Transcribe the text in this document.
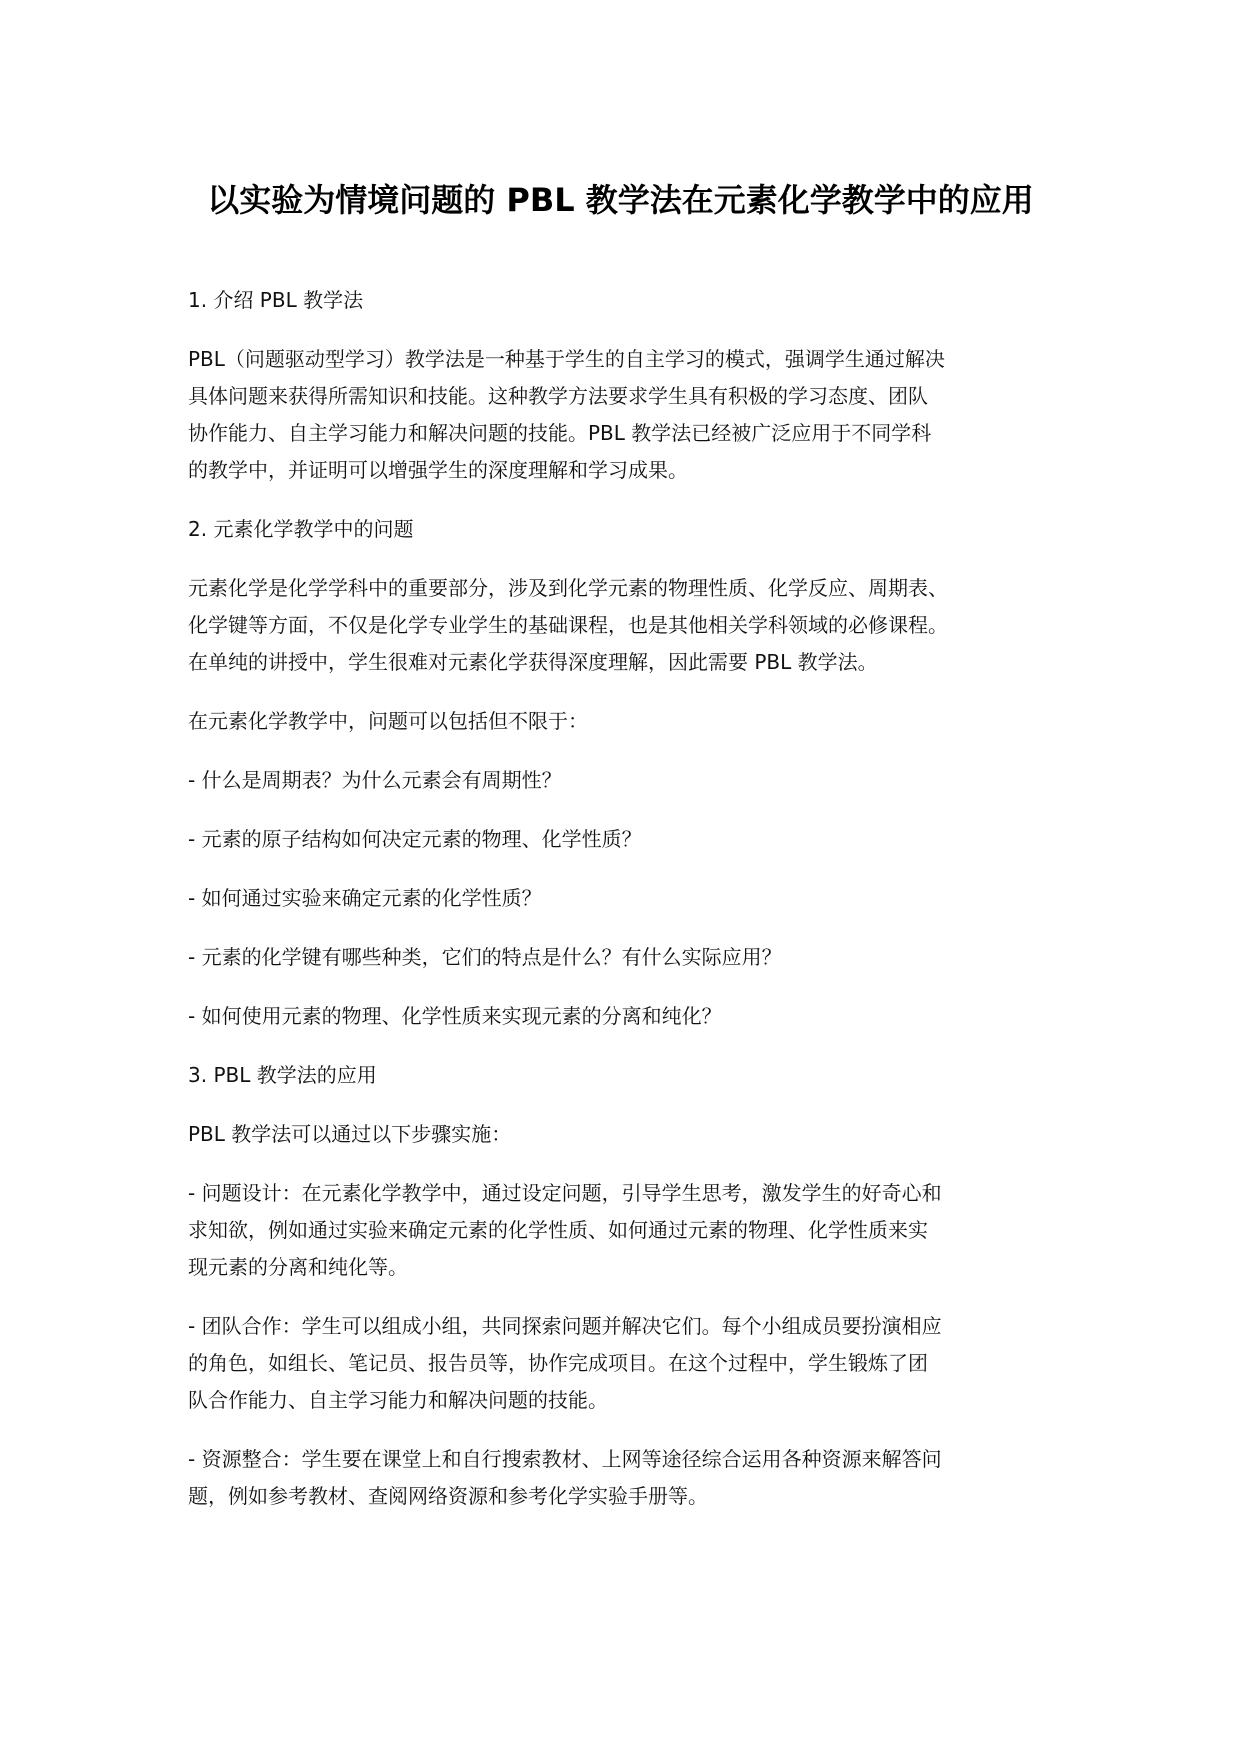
以实验为情境问题的 PBL 教学法在元素化学教学中的应用

1. 介绍 PBL 教学法

PBL（问题驱动型学习）教学法是一种基于学生的自主学习的模式，强调学生通过解决
具体问题来获得所需知识和技能。这种教学方法要求学生具有积极的学习态度、团队
协作能力、自主学习能力和解决问题的技能。PBL 教学法已经被广泛应用于不同学科
的教学中，并证明可以增强学生的深度理解和学习成果。

2. 元素化学教学中的问题

元素化学是化学学科中的重要部分，涉及到化学元素的物理性质、化学反应、周期表、
化学键等方面，不仅是化学专业学生的基础课程，也是其他相关学科领域的必修课程。
在单纯的讲授中，学生很难对元素化学获得深度理解，因此需要 PBL 教学法。

在元素化学教学中，问题可以包括但不限于：

- 什么是周期表？为什么元素会有周期性？

- 元素的原子结构如何决定元素的物理、化学性质？

- 如何通过实验来确定元素的化学性质？

- 元素的化学键有哪些种类，它们的特点是什么？有什么实际应用？

- 如何使用元素的物理、化学性质来实现元素的分离和纯化？

3. PBL 教学法的应用

PBL 教学法可以通过以下步骤实施：

- 问题设计：在元素化学教学中，通过设定问题，引导学生思考，激发学生的好奇心和
求知欲，例如通过实验来确定元素的化学性质、如何通过元素的物理、化学性质来实
现元素的分离和纯化等。

- 团队合作：学生可以组成小组，共同探索问题并解决它们。每个小组成员要扮演相应
的角色，如组长、笔记员、报告员等，协作完成项目。在这个过程中，学生锻炼了团
队合作能力、自主学习能力和解决问题的技能。

- 资源整合：学生要在课堂上和自行搜索教材、上网等途径综合运用各种资源来解答问
题，例如参考教材、查阅网络资源和参考化学实验手册等。
